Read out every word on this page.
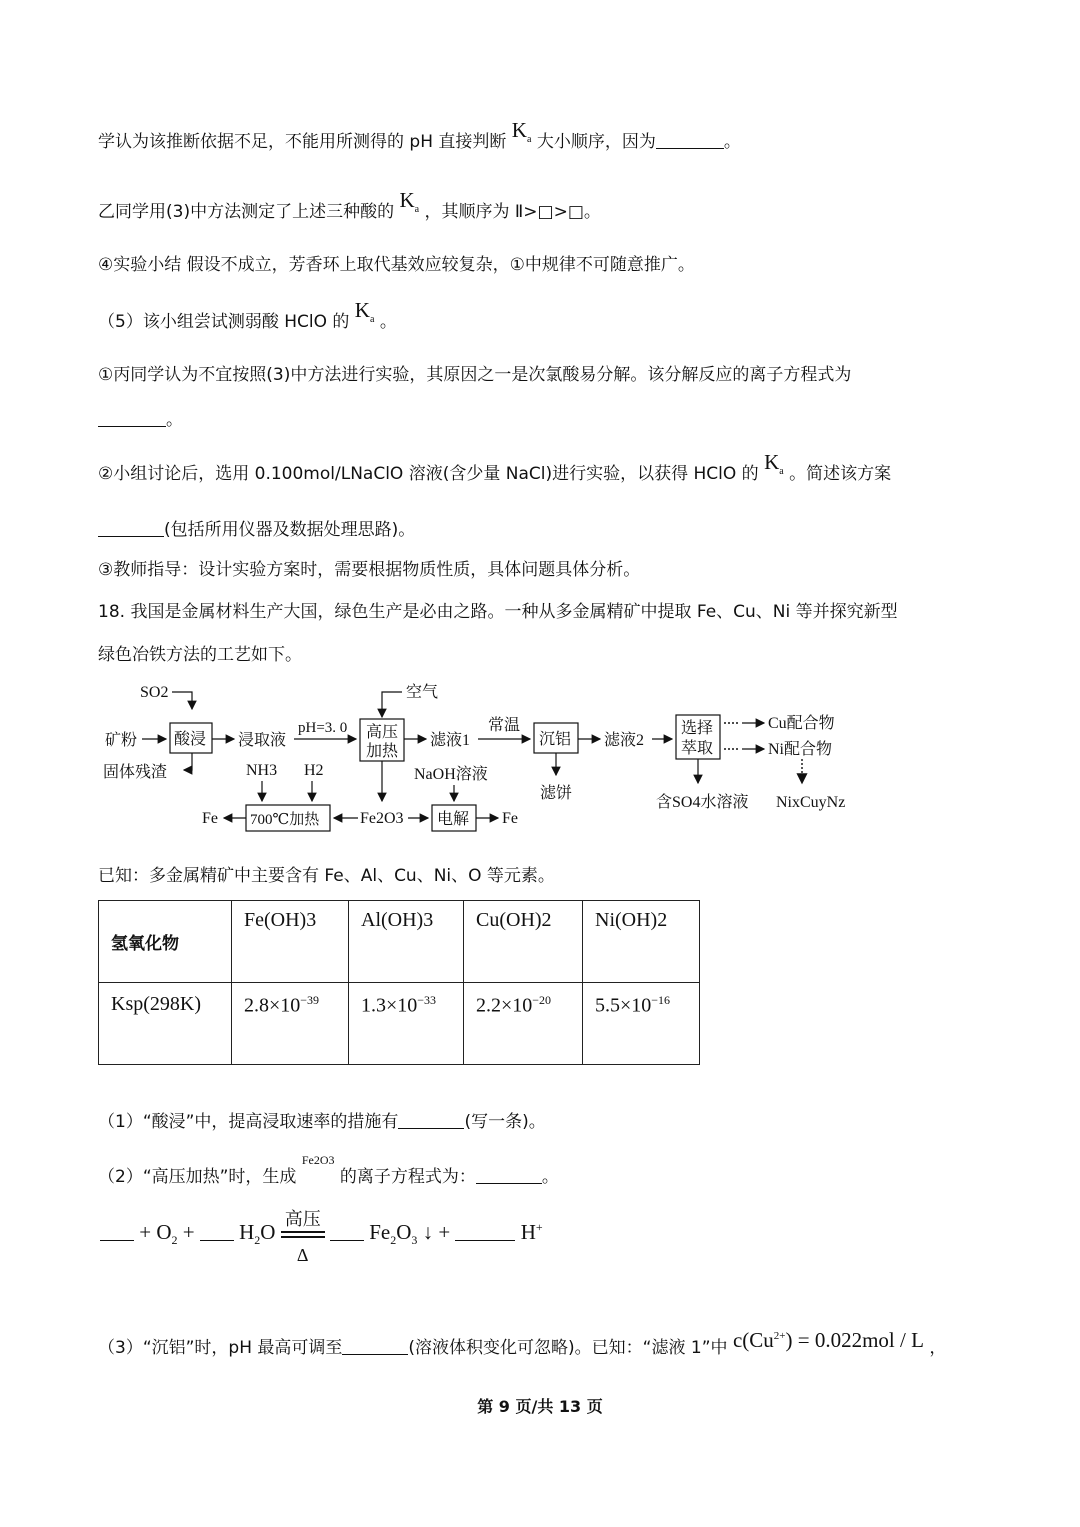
学认为该推断依据不足，不能用所测得的 pH 直接判断 $K_a$ 大小顺序，因为	。
乙同学用(3)中方法测定了上述三种酸的 $K_a$ ，其顺序为 Ⅱ>□>□。
④实验小结 假设不成立，芳香环上取代基效应较复杂，①中规律不可随意推广。
（5）该小组尝试测弱酸 HClO 的 $K_a$ 。
①丙同学认为不宜按照(3)中方法进行实验，其原因之一是次氯酸易分解。该分解反应的离子方程式为
。
②小组讨论后，选用 0.100mol/LNaClO 溶液(含少量 NaCl)进行实验，以获得 HClO 的 $K_a$ 。简述该方案
(包括所用仪器及数据处理思路)。
③教师指导：设计实验方案时，需要根据物质性质，具体问题具体分析。
18. 我国是金属材料生产大国，绿色生产是必由之路。一种从多金属精矿中提取 Fe、Cu、Ni 等并探究新型
绿色冶铁方法的工艺如下。
SO2
矿粉 酸浸
固体残渣
浸取液
pH=3. 0
空气
高压
加热
滤液1
常温
沉铝
滤饼
滤液2
选择
萃取
Cu配合物
Ni配合物
NixCuyNz
含SO4水溶液
NH3 H2	NaOH溶液
700℃加热
Fe	Fe2O3 电解 Fe
已知：多金属精矿中主要含有 Fe、Al、Cu、Ni、O 等元素。
氢氧化物	Fe(OH)3	Al(OH)3	Cu(OH)2	Ni(OH)2
Ksp(298K)	$2.8\times 10^{-39}$	$1.3\times 10^{-33}$	$2.2\times 10^{-20}$	$5.5\times 10^{-16}$
（1）“酸浸”中，提高浸取速率的措施有	(写一条)。
（2）“高压加热”时，生成 $^{Fe2O3}$ 的离子方程式为：	。
+ $O_2 + H_2O$
高压
Δ
$Fe_2O_3$ ↓ +	H+
（3）“沉铝”时，pH 最高可调至	(溶液体积变化可忽略)。已知：“滤液 1”中 $c(Cu^{2+}) = 0.022mol / L$ ，
第 9 页/共 13 页
